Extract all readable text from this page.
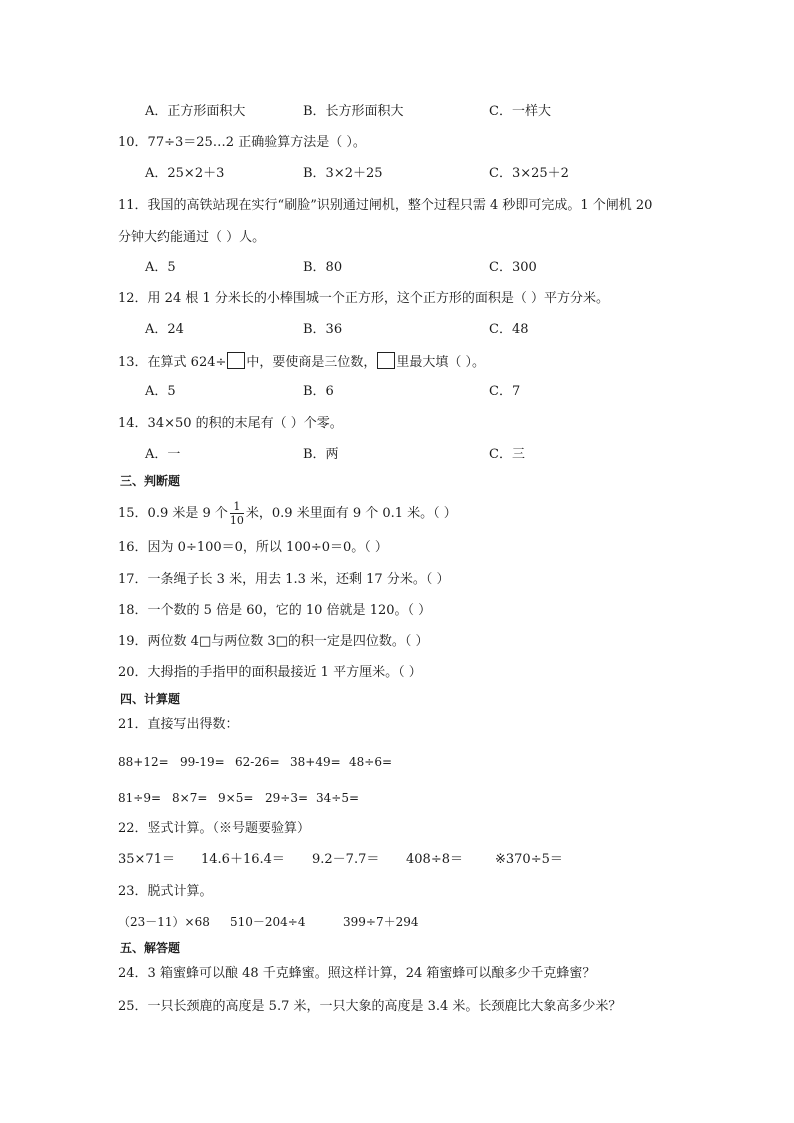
A．正方形面积大	B．长方形面积大	C．一样大
10．77÷3＝25…2 正确验算方法是（ ）。
A．25×2＋3	B．3×2＋25	C．3×25＋2
11．我国的高铁站现在实行“刷脸”识别通过闸机，整个过程只需 4 秒即可完成。1 个闸机 20
分钟大约能通过（ ）人。
A．5	B．80	C．300
12．用 24 根 1 分米长的小棒围城一个正方形，这个正方形的面积是（ ）平方分米。
A．24	B．36	C．48
13．在算式 624÷ 中，要使商是三位数， 里最大填（ ）。
A．5	B．6	C．7
14．34×50 的积的末尾有（ ）个零。
A．一	B．两	C．三
三、判断题
15．0.9 米是 9 个 $\frac{1}{10}$ 米，0.9 米里面有 9 个 0.1 米。（ ）
16．因为 0÷100＝0，所以 100÷0＝0。（ ）
17．一条绳子长 3 米，用去 1.3 米，还剩 17 分米。（ ）
18．一个数的 5 倍是 60，它的 10 倍就是 120。（ ）
19．两位数 4□与两位数 3□的积一定是四位数。（ ）
20．大拇指的手指甲的面积最接近 1 平方厘米。（ ）
四、计算题
21．直接写出得数：
88+12= 99-19= 62-26= 38+49= 48÷6=
81÷9= 8×7= 9×5= 29÷3= 34÷5=
22．竖式计算。（※号题要验算）
35×71＝ 14.6＋16.4＝ 9.2－7.7＝ 408÷8＝ ※370÷5＝
23．脱式计算。
（23－11）×68 510－204÷4	399÷7＋294
五、解答题
24．3 箱蜜蜂可以酿 48 千克蜂蜜。照这样计算，24 箱蜜蜂可以酿多少千克蜂蜜？
25．一只长颈鹿的高度是 5.7 米，一只大象的高度是 3.4 米。长颈鹿比大象高多少米？
